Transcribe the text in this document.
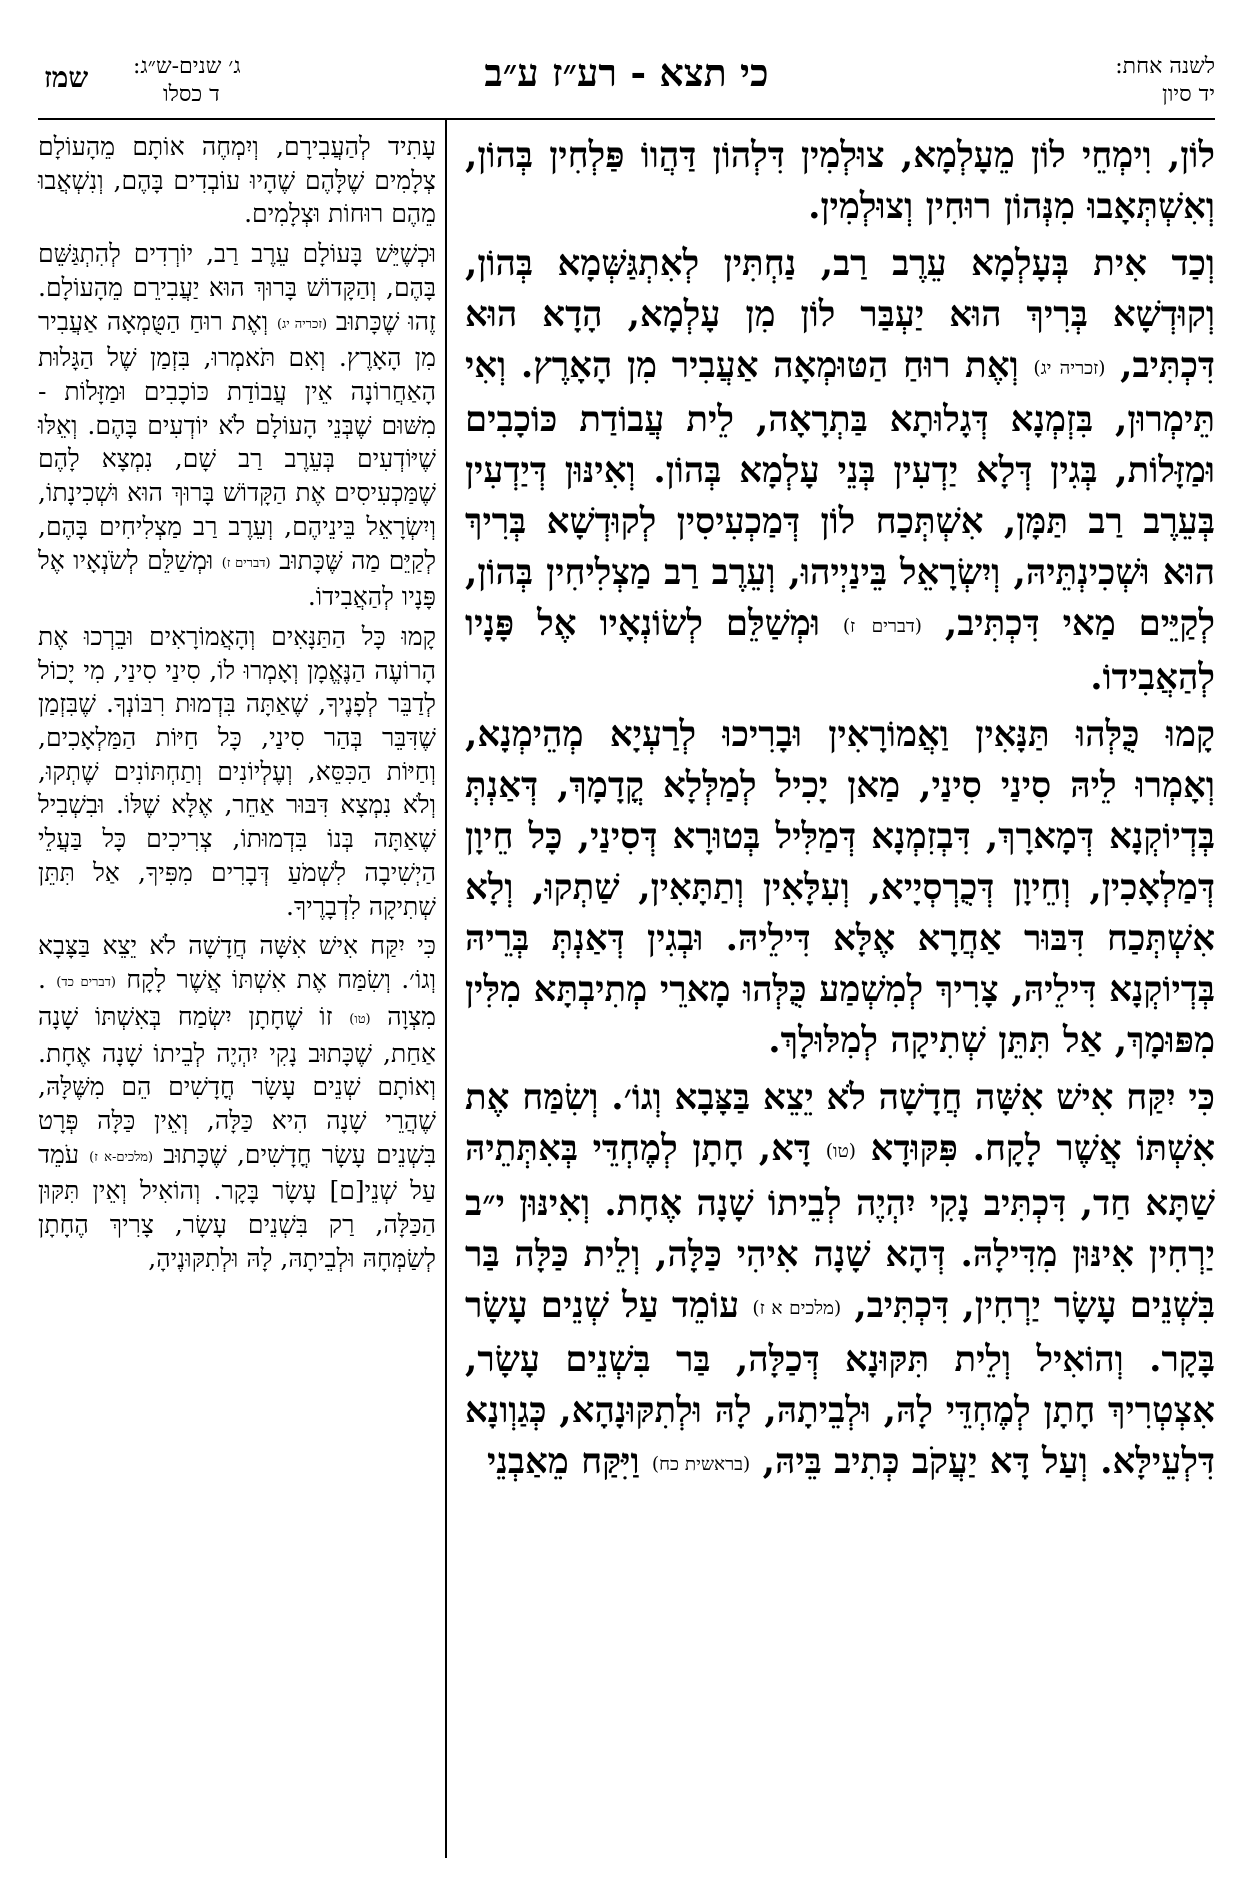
לשנה אחת:
יד סיון
כי תצא - רע״ז ע״ב
ג׳ שנים-ש״ג:
ד כסלו
שמז

לוֹן, וִימְחֵי לוֹן מֵעָלְמָא, צוּלְמִין דִּלְהוֹן דַּהֲווֹ פַּלְחִין בְּהוֹן, וְאִשְׁתְּאָבוּ מִנְּהוֹן רוּחִין וְצוּלְמִין.

וְכַד אִית בְּעָלְמָא עֵרֶב רַב, נַחְתִּין לְאִתְגַּשְּׁמָא בְּהוֹן, וְקוּדְשָׁא בְּרִיךְ הוּא יַעְבַּר לוֹן מִן עָלְמָא, הָדָא הוּא דִּכְתִּיב, (זכריה יג) וְאֶת רוּחַ הַטּוּמְאָה אַעֲבִיר מִן הָאָרֶץ. וְאִי תֵּימְרוּן, בִּזְמְנָא דְּגָלוּתָא בַּתְרָאָה, לֵית עֲבוֹדַת כּוֹכָבִים וּמַזָּלוֹת, בְּגִין דְּלָא יַדְעִין בְּנֵי עָלְמָא בְּהוֹן. וְאִינּוּן דְּיַדְעִין בְּעֵרֶב רַב תַּמָּן, אִשְׁתְּכַח לוֹן דְּמַכְעִיסִין לְקוּדְשָׁא בְּרִיךְ הוּא וּשְׁכִינְתֵּיהּ, וְיִשְׂרָאֵל בֵּינַיְיהוּ, וְעֵרֶב רַב מַצְלִיחִין בְּהוֹן, לְקַיֵּים מַאי דִּכְתִּיב, (דברים ז) וּמְשַׁלֵּם לְשׂוֹנְאָיו אֶל פָּנָיו לְהַאֲבִידוֹ.

קָמוּ כֻּלְּהוּ תַּנָּאִין וַאֲמוֹרָאִין וּבָרִיכוּ לְרַעְיָא מְהֵימְנָא, וְאָמְרוּ לֵיהּ סִינַי סִינַי, מַאן יָכִיל לְמַלְּלָא קֳדָמָךְ, דְּאַנְתְּ בְּדְיוֹקְנָא דְּמָארָךְ, דִּבְזִמְנָא דְּמַלִּיל בְּטוּרָא דְּסִינַי, כָּל חֵיוָן דְּמַלְאָכִין, וְחֵיוָן דְּכֻרְסְיָיא, וְעִלָּאִין וְתַתָּאִין, שַׁתְקוּ, וְלָא אִשְׁתְּכַח דִּבּוּר אַחֲרָא אֶלָּא דִּילֵיהּ. וּבְגִין דְּאַנְתְּ בְּרֵיהּ בְּדְיוֹקְנָא דִּילֵיהּ, צָרִיךְ לְמִשְׁמַע כֻּלְּהוּ מָארֵי מְתִיבְתָּא מִלִּין מִפּוּמָךְ, אַל תִּתֵּן שְׁתִיקָה לְמִלּוּלָךְ.

כִּי יִקַּח אִישׁ אִשָּׁה חֲדָשָׁה לֹא יֵצֵא בַּצָּבָא וְגוֹ׳. וְשִׂמַּח אֶת אִשְׁתּוֹ אֲשֶׁר לָקָח. פִּקּוּדָא (טו) דָּא, חָתָן לְמֶחְדֵּי בְּאִתְּתֵיהּ שַׁתָּא חַד, דִּכְתִּיב נָקִי יִהְיֶה לְבֵיתוֹ שָׁנָה אֶחָת. וְאִינּוּן י״ב יַרְחִין אִינּוּן מִדִּילָהּ. דְּהָא שָׁנָה אִיהִי כַּלָּה, וְלֵית כַּלָּה בַּר בִּשְׁנֵים עָשָׂר יַרְחִין, דִּכְתִּיב, (מלכים א ז) עוֹמֵד עַל שְׁנֵים עָשָׂר בָּקָר. וְהוֹאִיל וְלֵית תִּקּוּנָא דְּכַלָּה, בַּר בִּשְׁנֵים עָשָׂר, אִצְטְרִיךְ חָתָן לְמֶחְדֵּי לָהּ, וּלְבֵיתָהּ, לָהּ וּלְתִקּוּנָהָא, כְּגַוְונָא דִּלְעֵילָּא. וְעַל דָּא יַעֲקֹב כְּתִיב בֵּיהּ, (בראשית כח) וַיִּקַּח מֵאַבְנֵי

עָתִיד לְהַעֲבִירָם, וְיִמְחֶה אוֹתָם מֵהָעוֹלָם צְלָמִים שֶׁלָּהֶם שֶׁהָיוּ עוֹבְדִים בָּהֶם, וְנִשְׁאֲבוּ מֵהֶם רוּחוֹת וּצְלָמִים.

וּכְשֶׁיֵּשׁ בָּעוֹלָם עֵרֶב רַב, יוֹרְדִים לְהִתְגַּשֵּׁם בָּהֶם, וְהַקָּדוֹשׁ בָּרוּךְ הוּא יַעֲבִירֵם מֵהָעוֹלָם. זֶהוּ שֶׁכָּתוּב (זכריה יג) וְאֶת רוּחַ הַטֻּמְאָה אַעֲבִיר מִן הָאָרֶץ. וְאִם תֹּאמְרוּ, בִּזְמַן שֶׁל הַגָּלוּת הָאַחֲרוֹנָה אֵין עֲבוֹדַת כּוֹכָבִים וּמַזָּלוֹת - מִשּׁוּם שֶׁבְּנֵי הָעוֹלָם לֹא יוֹדְעִים בָּהֶם. וְאֵלּוּ שֶׁיּוֹדְעִים בְּעֵרֶב רַב שָׁם, נִמְצָא לָהֶם שֶׁמַּכְעִיסִים אֶת הַקָּדוֹשׁ בָּרוּךְ הוּא וּשְׁכִינָתוֹ, וְיִשְׂרָאֵל בֵּינֵיהֶם, וְעֵרֶב רַב מַצְלִיחִים בָּהֶם, לְקַיֵּם מַה שֶּׁכָּתוּב (דברים ז) וּמְשַׁלֵּם לְשֹׂנְאָיו אֶל פָּנָיו לְהַאֲבִידוֹ.

קָמוּ כָּל הַתַּנָּאִים וְהָאֲמוֹרָאִים וּבֵרְכוּ אֶת הָרוֹעֶה הַנֶּאֱמָן וְאָמְרוּ לוֹ, סִינַי סִינַי, מִי יָכוֹל לְדַבֵּר לְפָנֶיךָ, שֶׁאַתָּה בִּדְמוּת רִבּוֹנְךָ. שֶׁבִּזְמַן שֶׁדִּבֵּר בְּהַר סִינַי, כָּל חַיּוֹת הַמַּלְאָכִים, וְחַיּוֹת הַכִּסֵּא, וְעֶלְיוֹנִים וְתַחְתּוֹנִים שֶׁתְקוּ, וְלֹא נִמְצָא דִּבּוּר אַחֵר, אֶלָּא שֶׁלּוֹ. וּבִשְׁבִיל שֶׁאַתָּה בְּנוֹ בִּדְמוּתוֹ, צְרִיכִים כָּל בַּעֲלֵי הַיְשִׁיבָה לִשְׁמֹעַ דְּבָרִים מִפִּיךָ, אַל תִּתֵּן שְׁתִיקָה לִדְבָרֶיךָ.

כִּי יִקַּח אִישׁ אִשָּׁה חֲדָשָׁה לֹא יֵצֵא בַּצָּבָא וְגוֹ׳. וְשִׂמַּח אֶת אִשְׁתּוֹ אֲשֶׁר לָקָח (דברים כד) . מִצְוָה (טו) זוֹ שֶׁחָתָן יִשְׂמַח בְּאִשְׁתּוֹ שָׁנָה אַחַת, שֶׁכָּתוּב נָקִי יִהְיֶה לְבֵיתוֹ שָׁנָה אֶחָת. וְאוֹתָם שְׁנֵים עָשָׂר חֳדָשִׁים הֵם מִשֶּׁלָּהּ, שֶׁהֲרֵי שָׁנָה הִיא כַּלָּה, וְאֵין כַּלָּה פְּרָט בִּשְׁנֵים עָשָׂר חֳדָשִׁים, שֶׁכָּתוּב (מלכים-א ז) עֹמֵד עַל שְׁנֵי[ם] עָשָׂר בָּקָר. וְהוֹאִיל וְאֵין תִּקּוּן הַכַּלָּה, רַק בִּשְׁנֵים עָשָׂר, צָרִיךְ הֶחָתָן לְשַׂמְּחָהּ וּלְבֵיתָהּ, לָהּ וּלְתִקּוּנֶיהָ,
